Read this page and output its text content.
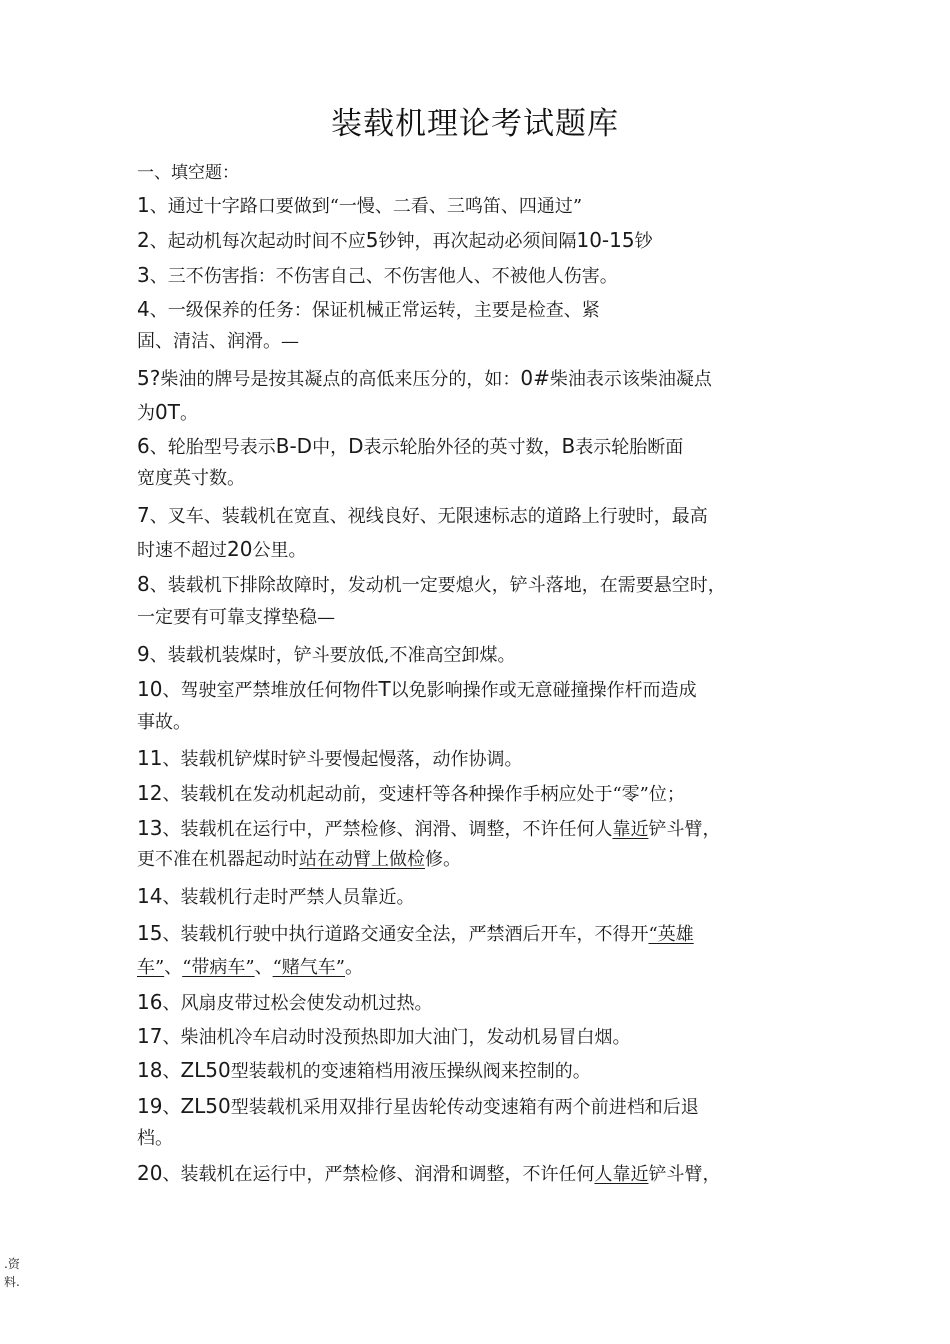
装载机理论考试题库
一、填空题：
1、通过十字路口要做到“一慢、二看、三鸣笛、四通过”
2、起动机每次起动时间不应5钞钟，再次起动必须间隔10-15钞
3、三不伤害指：不伤害自己、不伤害他人、不被他人伤害。
4、一级保养的任务：保证机械正常运转，主要是检查、紧
固、清洁、润滑。—
5?柴油的牌号是按其凝点的高低来压分的，如：0#柴油表示该柴油凝点
为0T。
6、轮胎型号表示B-D中，D表示轮胎外径的英寸数，B表示轮胎断面
宽度英寸数。
7、叉车、装载机在宽直、视线良好、无限速标志的道路上行驶时，最高
时速不超过20公里。
8、装载机下排除故障时，发动机一定要熄火，铲斗落地，在需要悬空时，
一定要有可靠支撑垫稳—
9、装载机装煤时，铲斗要放低,不准高空卸煤。
10、驾驶室严禁堆放任何物件T以免影响操作或无意碰撞操作杆而造成
事故。
11、装载机铲煤时铲斗要慢起慢落，动作协调。
12、装载机在发动机起动前，变速杆等各种操作手柄应处于“零”位；
13、装载机在运行中，严禁检修、润滑、调整，不许任何人靠近铲斗臂，
更不准在机器起动时站在动臂上做检修。
14、装载机行走时严禁人员靠近。
15、装载机行驶中执行道路交通安全法，严禁酒后开车，不得开“英雄
车”、“带病车”、“赌气车”。
16、风扇皮带过松会使发动机过热。
17、柴油机冷车启动时没预热即加大油门，发动机易冒白烟。
18、ZL50型装载机的变速箱档用液压操纵阀来控制的。
19、ZL50型装载机采用双排行星齿轮传动变速箱有两个前进档和后退
档。
20、装载机在运行中，严禁检修、润滑和调整，不许任何人靠近铲斗臂，
.资
料.
